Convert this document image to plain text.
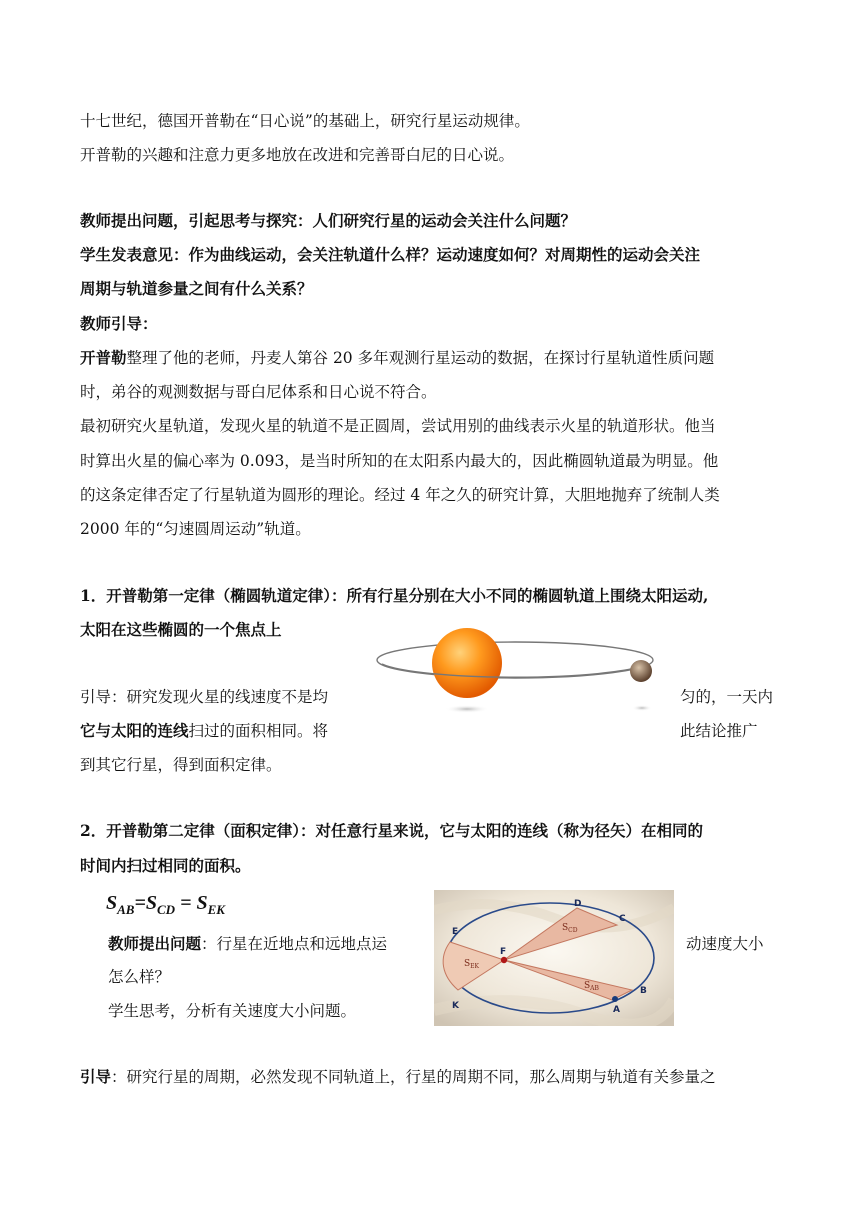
十七世纪，德国开普勒在“日心说”的基础上，研究行星运动规律。
开普勒的兴趣和注意力更多地放在改进和完善哥白尼的日心说。
教师提出问题，引起思考与探究：人们研究行星的运动会关注什么问题？
学生发表意见：作为曲线运动，会关注轨道什么样？运动速度如何？对周期性的运动会关注
周期与轨道参量之间有什么关系？
教师引导：
开普勒整理了他的老师，丹麦人第谷 20 多年观测行星运动的数据，在探讨行星轨道性质问题
时，弟谷的观测数据与哥白尼体系和日心说不符合。
最初研究火星轨道，发现火星的轨道不是正圆周，尝试用别的曲线表示火星的轨道形状。他当
时算出火星的偏心率为 0.093，是当时所知的在太阳系内最大的，因此椭圆轨道最为明显。他
的这条定律否定了行星轨道为圆形的理论。经过 4 年之久的研究计算，大胆地抛弃了统制人类
2000 年的“匀速圆周运动”轨道。
1．开普勒第一定律（椭圆轨道定律）：所有行星分别在大小不同的椭圆轨道上围绕太阳运动,
太阳在这些椭圆的一个焦点上
引导：研究发现火星的线速度不是均	匀的，一天内
它与太阳的连线扫过的面积相同。将	此结论推广
到其它行星，得到面积定律。
2．开普勒第二定律（面积定律）：对任意行星来说，它与太阳的连线（称为径矢）在相同的
时间内扫过相同的面积。
$S_{AB}=S_{CD} = S_{EK}$	D
C
E
F
B
A
K
$S_{CD}$
$S_{EK}$
$S_{AB}$
教师提出问题：行星在近地点和远地点运	动速度大小
怎么样？
学生思考，分析有关速度大小问题。
引导：研究行星的周期，必然发现不同轨道上，行星的周期不同，那么周期与轨道有关参量之
